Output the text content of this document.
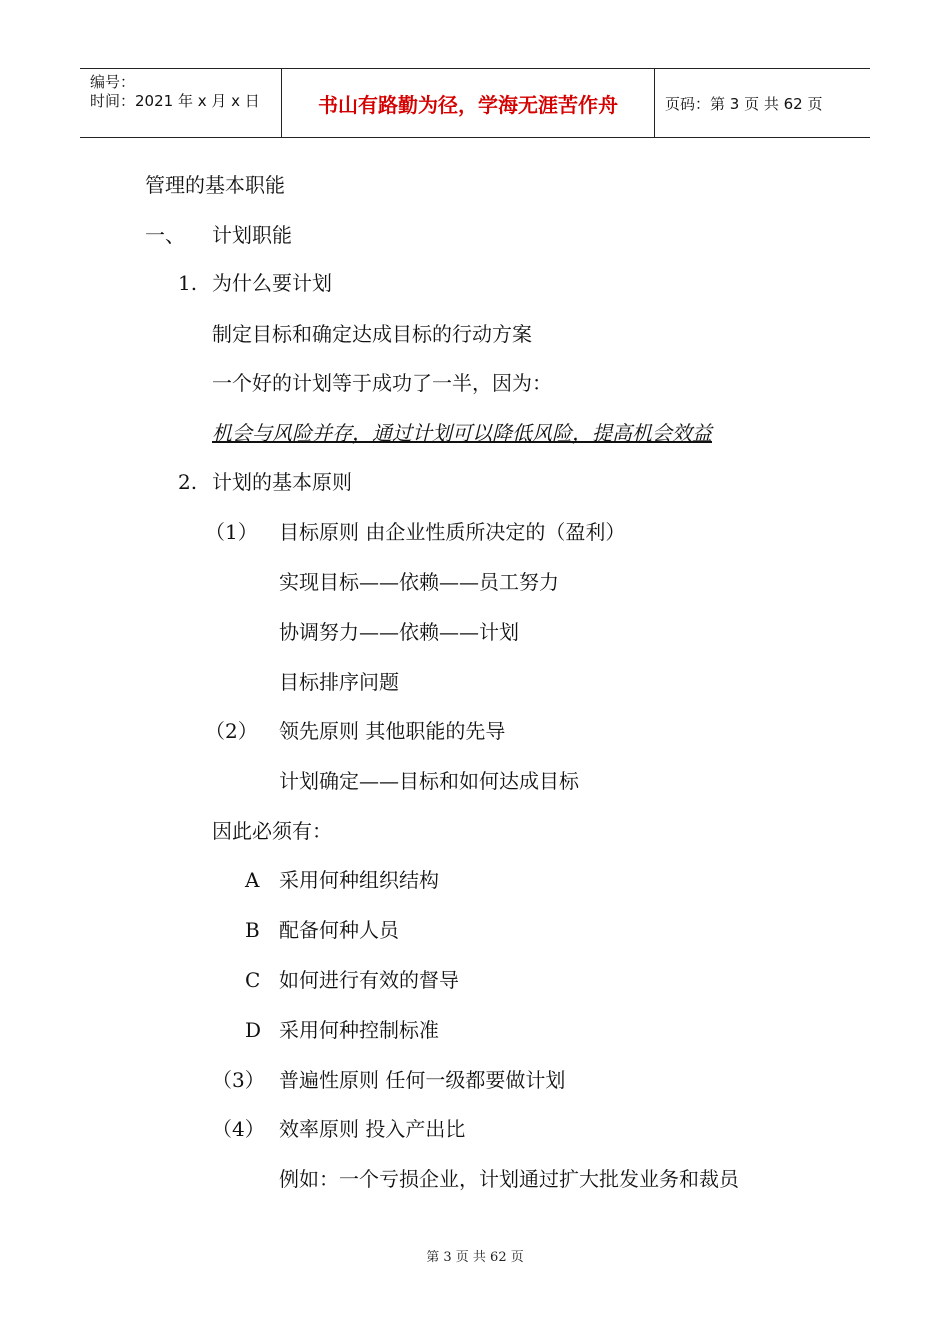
编号：
时间：2021 年 x 月 x 日	书山有路勤为径，学海无涯苦作舟	页码：第 3 页 共 62 页
管理的基本职能
一、 计划职能
1. 为什么要计划
制定目标和确定达成目标的行动方案
一个好的计划等于成功了一半，因为：
机会与风险并存，通过计划可以降低风险，提高机会效益
2. 计划的基本原则
（1） 目标原则 由企业性质所决定的（盈利）
实现目标——依赖——员工努力
协调努力——依赖——计划
目标排序问题
（2） 领先原则 其他职能的先导
计划确定——目标和如何达成目标
因此必须有：
A 采用何种组织结构
B 配备何种人员
C 如何进行有效的督导
D 采用何种控制标准
（3） 普遍性原则 任何一级都要做计划
（4） 效率原则 投入产出比
例如：一个亏损企业，计划通过扩大批发业务和裁员
第 3 页 共 62 页
